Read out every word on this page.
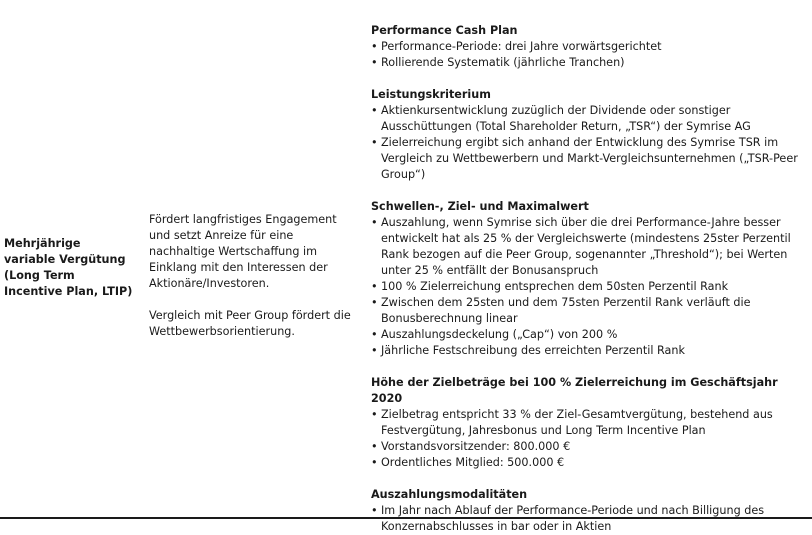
Mehrjährige variable Vergütung (Long Term Incentive Plan, LTIP)

Fördert langfristiges Engagement und setzt Anreize für eine nachhaltige Wertschaffung im Einklang mit den Interessen der Aktionäre/Investoren.

Vergleich mit Peer Group fördert die Wettbewerbsorientierung.

Performance Cash Plan
• Performance-Periode: drei Jahre vorwärtsgerichtet
• Rollierende Systematik (jährliche Tranchen)
Leistungskriterium
• Aktienkursentwicklung zuzüglich der Dividende oder sonstiger Ausschüttungen (Total Shareholder Return, „TSR“) der Symrise AG
• Zielerreichung ergibt sich anhand der Entwicklung des Symrise TSR im Vergleich zu Wettbewerbern und Markt-Vergleichsunternehmen („TSR-Peer Group“)
Schwellen-, Ziel- und Maximalwert
• Auszahlung, wenn Symrise sich über die drei Performance-Jahre besser entwickelt hat als 25 % der Vergleichswerte (mindestens 25ster Perzentil Rank bezogen auf die Peer Group, sogenannter „Threshold“); bei Werten unter 25 % entfällt der Bonusanspruch
• 100 % Zielerreichung entsprechen dem 50sten Perzentil Rank
• Zwischen dem 25sten und dem 75sten Perzentil Rank verläuft die Bonusberechnung linear
• Auszahlungsdeckelung („Cap“) von 200 %
• Jährliche Festschreibung des erreichten Perzentil Rank
Höhe der Zielbeträge bei 100 % Zielerreichung im Geschäftsjahr 2020
• Zielbetrag entspricht 33 % der Ziel-Gesamtvergütung, bestehend aus Festvergütung, Jahresbonus und Long Term Incentive Plan
• Vorstandsvorsitzender: 800.000 €
• Ordentliches Mitglied: 500.000 €
Auszahlungsmodalitäten
• Im Jahr nach Ablauf der Performance-Periode und nach Billigung des Konzernabschlusses in bar oder in Aktien
